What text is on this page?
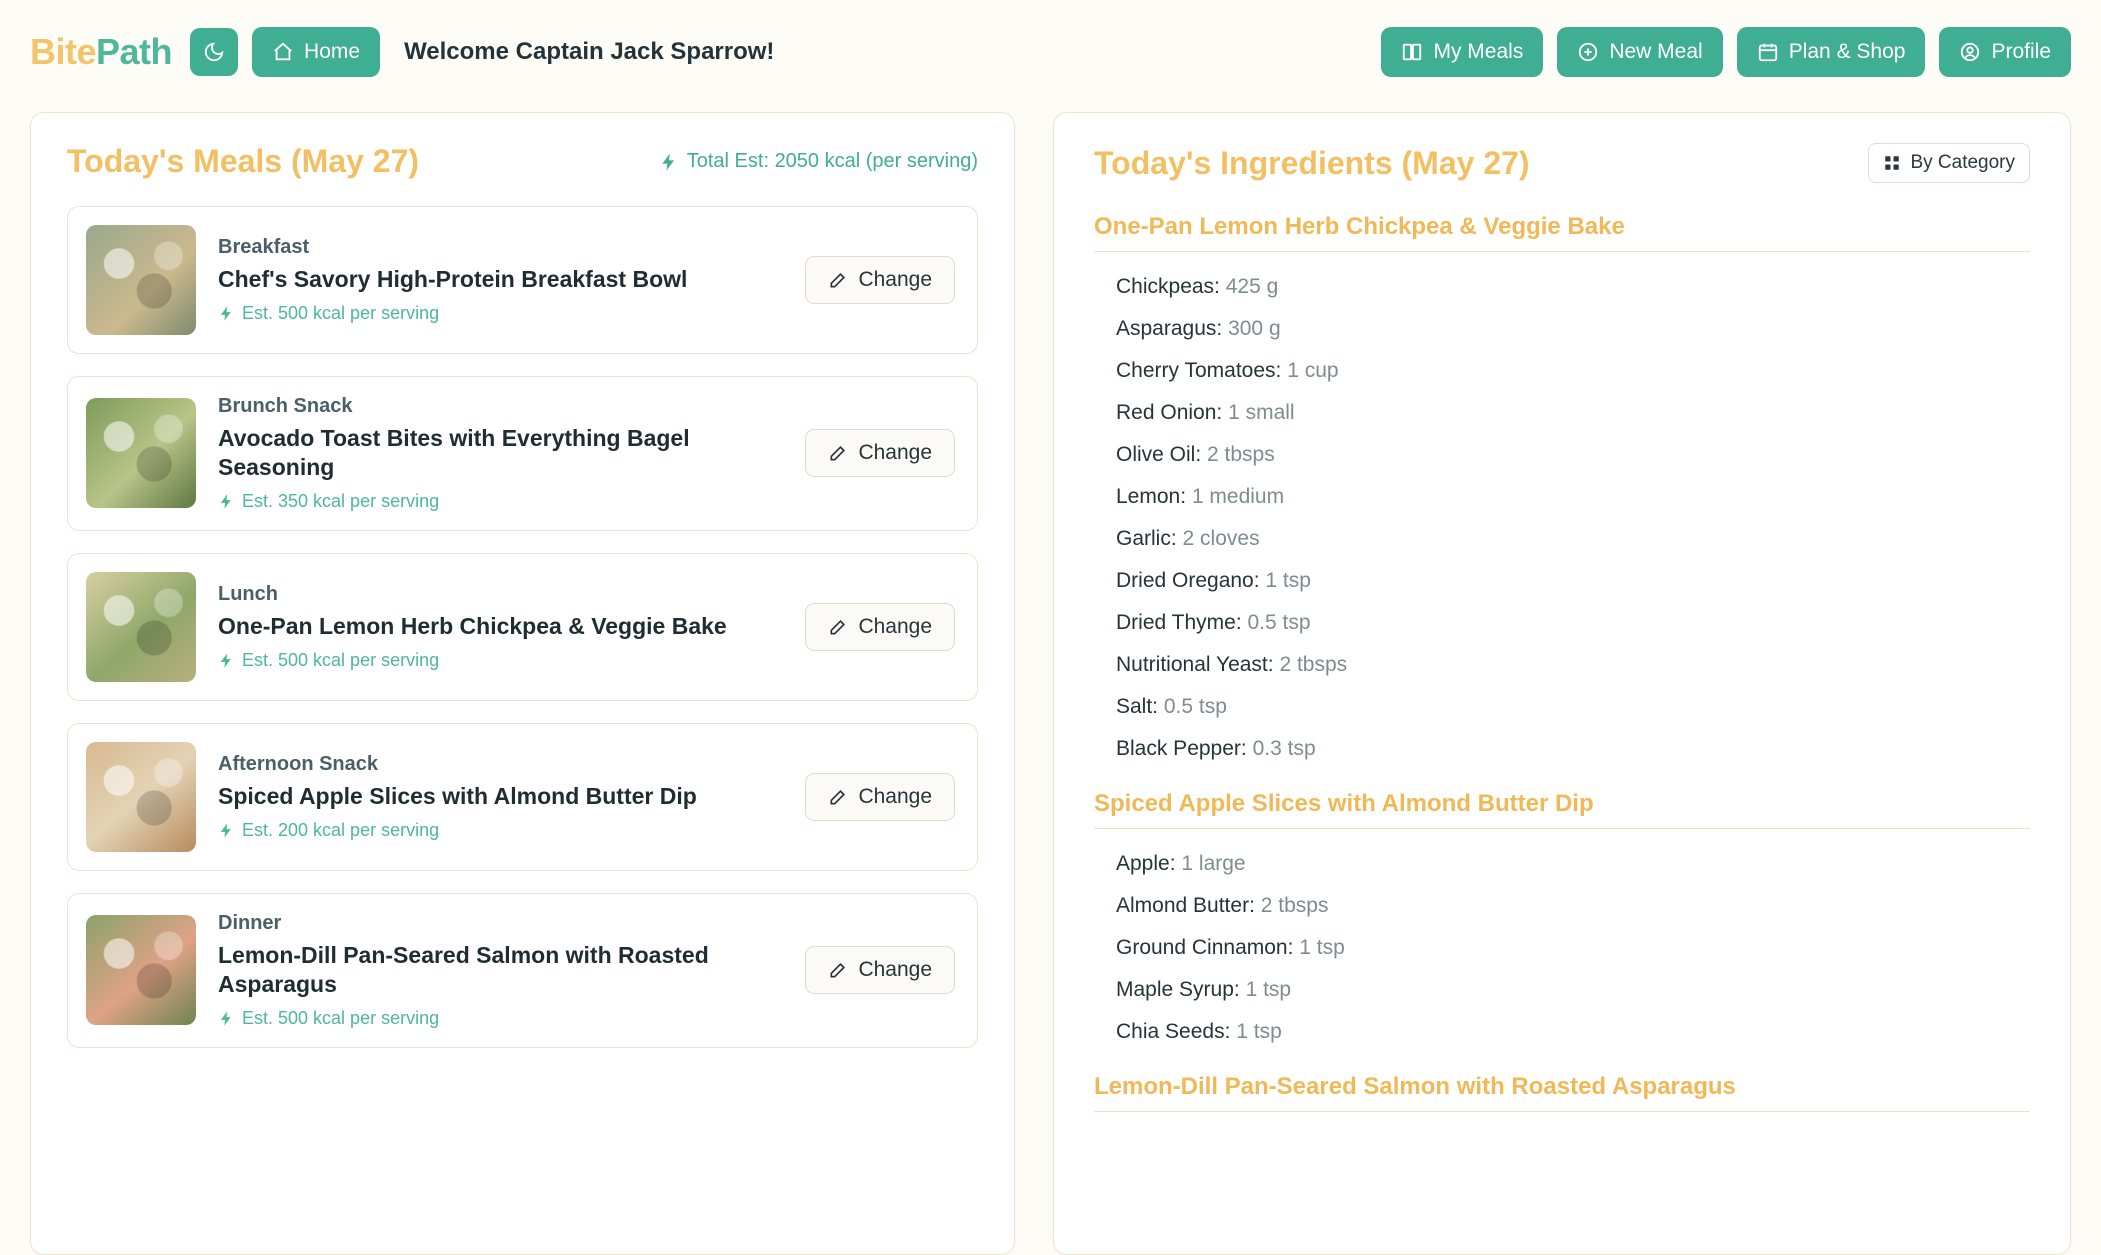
BitePath	Home Welcome Captain Jack Sparrow!	My Meals	New Meal	Plan & Shop	Profile
Today's Meals (May 27)	Total Est: 2050 kcal (per serving)
Breakfast
Chef's Savory High-Protein Breakfast Bowl
Est. 500 kcal per serving
Change
Brunch Snack
Avocado Toast Bites with Everything Bagel Seasoning
Est. 350 kcal per serving
Change
Lunch
One-Pan Lemon Herb Chickpea & Veggie Bake
Est. 500 kcal per serving
Change
Afternoon Snack
Spiced Apple Slices with Almond Butter Dip
Est. 200 kcal per serving
Change
Dinner
Lemon-Dill Pan-Seared Salmon with Roasted Asparagus
Est. 500 kcal per serving
Change
Today's Ingredients (May 27)	By Category
One-Pan Lemon Herb Chickpea & Veggie Bake
Chickpeas: 425 g
Asparagus: 300 g
Cherry Tomatoes: 1 cup
Red Onion: 1 small
Olive Oil: 2 tbsps
Lemon: 1 medium
Garlic: 2 cloves
Dried Oregano: 1 tsp
Dried Thyme: 0.5 tsp
Nutritional Yeast: 2 tbsps
Salt: 0.5 tsp
Black Pepper: 0.3 tsp
Spiced Apple Slices with Almond Butter Dip
Apple: 1 large
Almond Butter: 2 tbsps
Ground Cinnamon: 1 tsp
Maple Syrup: 1 tsp
Chia Seeds: 1 tsp
Lemon-Dill Pan-Seared Salmon with Roasted Asparagus
